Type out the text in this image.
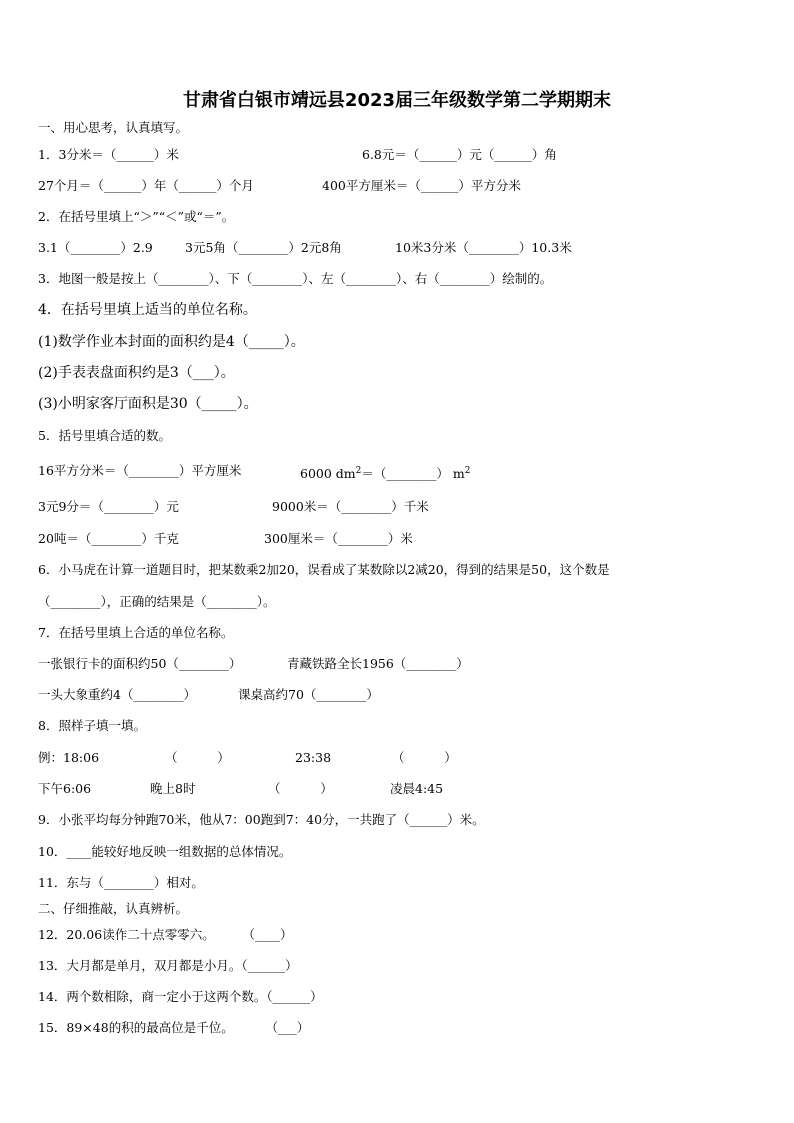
甘肃省白银市靖远县2023届三年级数学第二学期期末
一、用心思考，认真填写。
1．3分米＝（______）米	6.8元＝（______）元（______）角
27个月＝（______）年（______）个月	400平方厘米＝（______）平方分米
2．在括号里填上“＞”“＜”或“＝”。
3.1（________）2.9	3元5角（________）2元8角	10米3分米（________）10.3米
3．地图一般是按上（________）、下（________）、左（________）、右（________）绘制的。
4．在括号里填上适当的单位名称。
(1)数学作业本封面的面积约是4（_____）。
(2)手表表盘面积约是3（___）。
(3)小明家客厅面积是30（_____）。
5．括号里填合适的数。
16平方分米＝（________）平方厘米	6000 $dm^2=(\_\_\_\_\_\_\_\_)$ $m^2$
3元9分＝（________）元	9000米＝（________）千米
20吨＝（________）千克	300厘米＝（________）米
6．小马虎在计算一道题目时，把某数乘2加20，误看成了某数除以2减20，得到的结果是50，这个数是
（________），正确的结果是（________）。
7．在括号里填上合适的单位名称。
一张银行卡的面积约50（________）	青藏铁路全长1956（________）
一头大象重约4（________）	课桌高约70（________）
8．照样子填一填。
例：18:06	（          ）	23:38	（          ）
下午6:06	晚上8时	（          ）	凌晨4:45
9．小张平均每分钟跑70米，他从7：00跑到7：40分，一共跑了（______）米。
10．____能较好地反映一组数据的总体情况。
11．东与（________）相对。
二、仔细推敲，认真辨析。
12．20.06读作二十点零零六。       （____）
13．大月都是单月，双月都是小月。（______）
14．两个数相除，商一定小于这两个数。（______）
15．89×48的积的最高位是千位。        （___）
